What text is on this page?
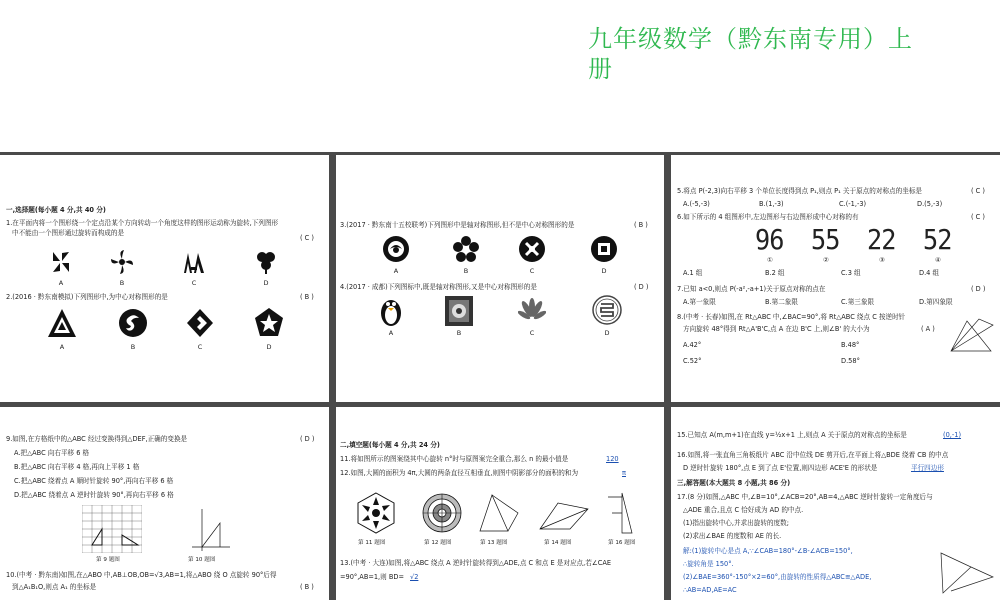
九年级数学（黔东南专用）上册
一,选择题(每小题 4 分,共 40 分)
1.在平面内将一个图形绕一个定点沿某个方向转动一个角度这样的图形运动称为旋转,下列图形
中不能由一个图形通过旋转而构成的是
( C )
A	B	C	D
2.(2016 · 黔东南模拟)下列图形中,为中心对称图形的是	( B )
A	B	C	D
3.(2017 · 黔东南十五校联考)下列图形中是轴对称图形,但不是中心对称图形的是	( B )
A	B	C	D
4.(2017 · 成都)下列图标中,既是轴对称图形,又是中心对称图形的是	( D )
A	B	C	D
5.将点 P(-2,3)向右平移 3 个单位长度得到点 P₁,则点 P₁ 关于原点的对称点的坐标是	( C )
A.(-5,-3)	B.(1,-3)	C.(-1,-3)	D.(5,-3)
6.如下所示的 4 组图形中,左边图形与右边图形成中心对称的有	( C )
96 55 22 52
①	②	③	④
A.1 组	B.2 组	C.3 组	D.4 组
7.已知 a<0,则点 P(-a²,-a+1)关于原点对称的点在	( D )
A.第一象限	B.第二象限	C.第三象限	D.第四象限
8.(中考 · 长春)如图,在 Rt△ABC 中,∠BAC=90°,将 Rt△ABC 绕点 C 按逆时针
方向旋转 48°得到 Rt△A'B'C,点 A 在边 B'C 上,则∠B' 的大小为	( A )
A.42°	B.48°
C.52°	D.58°
9.如图,在方格纸中的△ABC 经过变换得到△DEF,正确的变换是	( D )
A.把△ABC 向右平移 6 格
B.把△ABC 向右平移 4 格,再向上平移 1 格
C.把△ABC 绕着点 A 顺时针旋转 90°,再向右平移 6 格
D.把△ABC 绕着点 A 逆时针旋转 90°,再向右平移 6 格
第 9 题图	第 10 题图
10.(中考 · 黔东南)如图,在△ABO 中,AB⊥OB,OB=√3,AB=1,将△ABO 绕 O 点旋转 90°后得
到△A₁B₁O,则点 A₁ 的坐标是	( B )
二,填空题(每小题 4 分,共 24 分)
11.将如图所示的图案绕其中心旋转 n°时与原图案完全重合,那么 n 的最小值是	120
12.如图,大圆的面积为 4π,大圆的两条直径互相垂直,则图中阴影部分的面积的和为	π
第 11 题图	第 12 题图	第 13 题图	第 14 题图	第 16 题图
13.(中考 · 大连)如图,将△ABC 绕点 A 逆时针旋转得到△ADE,点 C 和点 E 是对应点,若∠CAE
=90°,AB=1,则 BD= √2
15.已知点 A(m,m+1)在直线 y=½x+1 上,则点 A 关于原点的对称点的坐标是	(0,-1)
16.如图,将一张直角三角板纸片 ABC 沿中位线 DE 剪开后,在平面上将△BDE 绕着 CB 的中点
D 逆时针旋转 180°,点 E 到了点 E'位置,则四边形 ACE'E 的形状是	平行四边形
三,解答题(本大题共 8 小题,共 86 分)
17.(8 分)如图,△ABC 中,∠B=10°,∠ACB=20°,AB=4,△ABC 逆时针旋转一定角度后与
△ADE 重合,且点 C 恰好成为 AD 的中点.
(1)指出旋转中心,并求出旋转的度数;
(2)求出∠BAE 的度数和 AE 的长.
解:(1)旋转中心是点 A,∵∠CAB=180°-∠B-∠ACB=150°,
∴旋转角是 150°.
(2)∠BAE=360°-150°×2=60°,由旋转的性质得△ABC≌△ADE,
∴AB=AD,AE=AC
